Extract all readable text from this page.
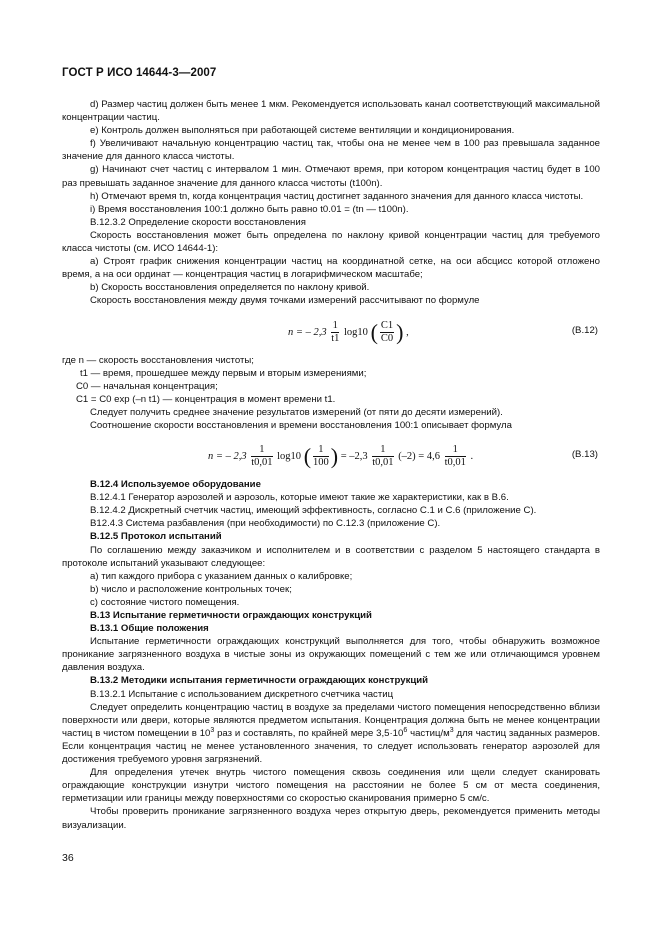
ГОСТ Р ИСО 14644-3—2007

d) Размер частиц должен быть менее 1 мкм. Рекомендуется использовать канал соответствующий максимальной концентрации частиц.

e) Контроль должен выполняться при работающей системе вентиляции и кондиционирования.

f) Увеличивают начальную концентрацию частиц так, чтобы она не менее чем в 100 раз превышала заданное значение для данного класса чистоты.

g) Начинают счет частиц с интервалом 1 мин. Отмечают время, при котором концентрация частиц будет в 100 раз превышать заданное значение для данного класса чистоты (t100n).

h) Отмечают время tn, когда концентрация частиц достигнет заданного значения для данного класса чистоты.

i) Время восстановления 100:1 должно быть равно t0.01 = (tn — t100n).

B.12.3.2 Определение скорости восстановления

Скорость восстановления может быть определена по наклону кривой концентрации частиц для требуемого класса чистоты (см. ИСО 14644-1):

а) Строят график снижения концентрации частиц на координатной сетке, на оси абсцисс которой отложено время, а на оси ординат — концентрация частиц в логарифмическом масштабе;

b) Скорость восстановления определяется по наклону кривой.

Скорость восстановления между двумя точками измерений рассчитывают по формуле

n = – $2,3 \frac{1}{t1} \log 10$ ( $\frac{C1}{C0}$ ) ,	(В.12)

где n — скорость восстановления чистоты;

t1 — время, прошедшее между первым и вторым измерениями;

C0 — начальная концентрация;

C1 = C0 exp (–n t1) — концентрация в момент времени t1.

Следует получить среднее значение результатов измерений (от пяти до десяти измерений).

Соотношение скорости восстановления и времени восстановления 100:1 описывает формула

n = – $2,3 \frac{1}{t0,01} \log 10$ ( $\frac{1}{100}$ ) = $-2,3 \frac{1}{t0,01} (-2) = 4,6 \frac{1}{t0,01}$ .	(В.13)

В.12.4 Используемое оборудование

В.12.4.1 Генератор аэрозолей и аэрозоль, которые имеют такие же характеристики, как в В.6.

В.12.4.2 Дискретный счетчик частиц, имеющий эффективность, согласно С.1 и С.6 (приложение С).

В12.4.3 Система разбавления (при необходимости) по С.12.3 (приложение С).

В.12.5 Протокол испытаний

По соглашению между заказчиком и исполнителем и в соответствии с разделом 5 настоящего стандарта в протоколе испытаний указывают следующее:

a) тип каждого прибора с указанием данных о калибровке;

b) число и расположение контрольных точек;

c) состояние чистого помещения.

В.13 Испытание герметичности ограждающих конструкций

В.13.1 Общие положения

Испытание герметичности ограждающих конструкций выполняется для того, чтобы обнаружить возможное проникание загрязненного воздуха в чистые зоны из окружающих помещений с тем же или отличающимся уровнем давления воздуха.

В.13.2 Методики испытания герметичности ограждающих конструкций

В.13.2.1 Испытание с использованием дискретного счетчика частиц

Следует определить концентрацию частиц в воздухе за пределами чистого помещения непосредственно вблизи поверхности или двери, которые являются предметом испытания. Концентрация должна быть не менее концентрации частиц в чистом помещении в $10^3$ раз и составлять, по крайней мере $3,5\cdot 10^6$ частиц/$м^3$ для частиц заданных размеров. Если концентрация частиц не менее установленного значения, то следует использовать генератор аэрозолей для достижения требуемого уровня загрязнений.

Для определения утечек внутрь чистого помещения сквозь соединения или щели следует сканировать ограждающие конструкции изнутри чистого помещения на расстоянии не более 5 см от места соединения, герметизации или границы между поверхностями со скоростью сканирования примерно 5 см/с.

Чтобы проверить проникание загрязненного воздуха через открытую дверь, рекомендуется применить методы визуализации.

36
